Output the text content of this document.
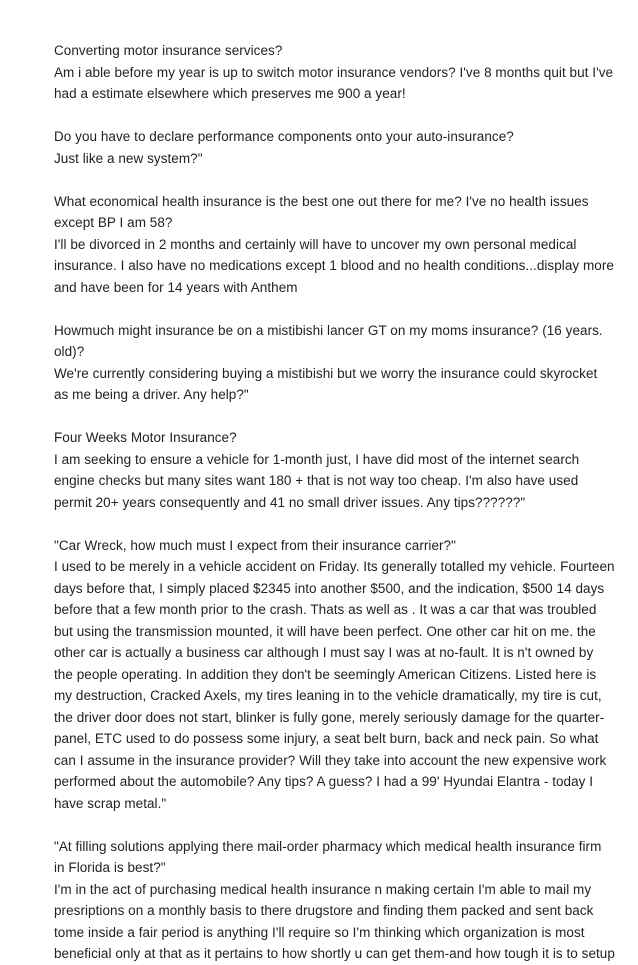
Converting motor insurance services?
Am i able before my year is up to switch motor insurance vendors? I've 8 months quit but I've
had a estimate elsewhere which preserves me 900 a year!
Do you have to declare performance components onto your auto-insurance?
Just like a new system?"
What economical health insurance is the best one out there for me? I've no health issues
except BP I am 58?
I'll be divorced in 2 months and certainly will have to uncover my own personal medical
insurance. I also have no medications except 1 blood and no health conditions...display more
and have been for 14 years with Anthem
Howmuch might insurance be on a mistibishi lancer GT on my moms insurance? (16 years.
old)?
We're currently considering buying a mistibishi but we worry the insurance could skyrocket
as me being a driver. Any help?"
Four Weeks Motor Insurance?
I am seeking to ensure a vehicle for 1-month just, I have did most of the internet search
engine checks but many sites want 180 + that is not way too cheap. I'm also have used
permit 20+ years consequently and 41 no small driver issues. Any tips??????"
"Car Wreck, how much must I expect from their insurance carrier?"
I used to be merely in a vehicle accident on Friday. Its generally totalled my vehicle. Fourteen
days before that, I simply placed $2345 into another $500, and the indication, $500 14 days
before that a few month prior to the crash. Thats as well as . It was a car that was troubled
but using the transmission mounted, it will have been perfect. One other car hit on me. the
other car is actually a business car although I must say I was at no-fault. It is n't owned by
the people operating. In addition they don't be seemingly American Citizens. Listed here is
my destruction, Cracked Axels, my tires leaning in to the vehicle dramatically, my tire is cut,
the driver door does not start, blinker is fully gone, merely seriously damage for the quarter-
panel, ETC used to do possess some injury, a seat belt burn, back and neck pain. So what
can I assume in the insurance provider? Will they take into account the new expensive work
performed about the automobile? Any tips? A guess? I had a 99' Hyundai Elantra - today I
have scrap metal."
"At filling solutions applying there mail-order pharmacy which medical health insurance firm
in Florida is best?"
I'm in the act of purchasing medical health insurance n making certain I'm able to mail my
presriptions on a monthly basis to there drugstore and finding them packed and sent back
tome inside a fair period is anything I'll require so I'm thinking which organization is most
beneficial only at that as it pertains to how shortly u can get them-and how tough it is to setup
